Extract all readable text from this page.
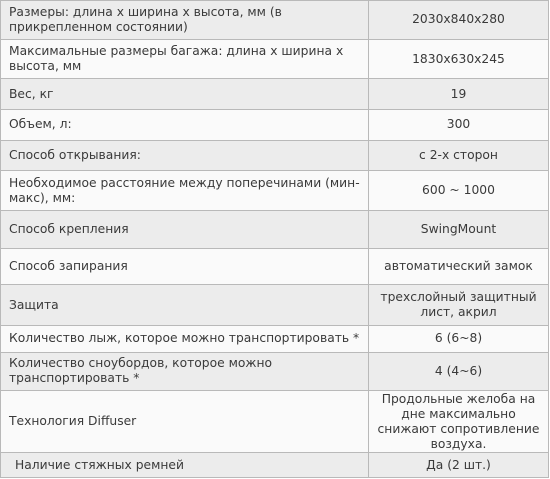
Размеры: длина х ширина х высота, мм (в прикрепленном состоянии)	2030x840x280
Максимальные размеры багажа: длина х ширина х высота, мм	1830x630x245
Вес, кг	19
Объем, л:	300
Способ открывания:	с 2-х сторон
Необходимое расстояние между поперечинами (мин-макс), мм:	600 ~ 1000
Способ крепления	SwingMount
Способ запирания	автоматический замок
Защита	трехслойный защитный лист, акрил
Количество лыж, которое можно транспортировать *	6 (6~8)
Количество сноубордов, которое можно транспортировать *	4 (4~6)
Технология Diffuser	Продольные желоба на дне максимально снижают сопротивление воздуха.
Наличие стяжных ремней	Да (2 шт.)
